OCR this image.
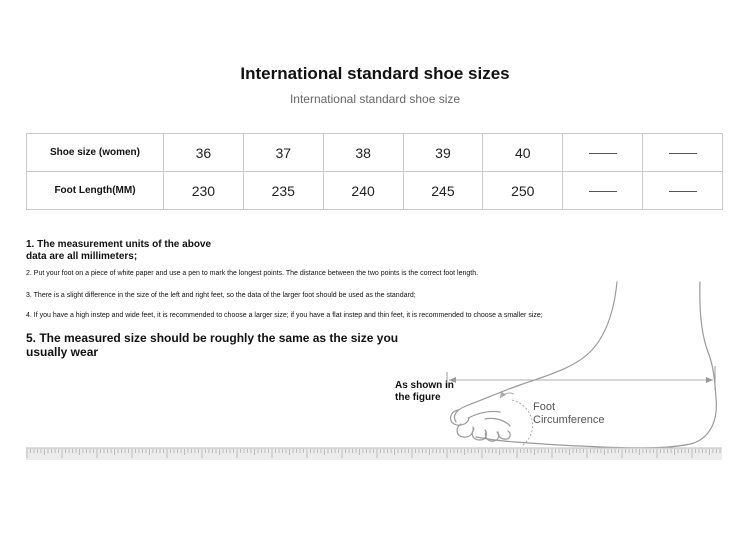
International standard shoe sizes
International standard shoe size
Shoe size (women)	36	37	38	39	40		
Foot Length(MM)	230	235	240	245	250		
1. The measurement units of the above data are all millimeters;
2. Put your foot on a piece of white paper and use a pen to mark the longest points. The distance between the two points is the correct foot length.
3. There is a slight difference in the size of the left and right feet, so the data of the larger foot should be used as the standard;
4. If you have a high instep and wide feet, it is recommended to choose a larger size; if you have a flat instep and thin feet, it is recommended to choose a smaller size;
5. The measured size should be roughly the same as the size you usually wear
As shown in the figure
Foot Circumference
